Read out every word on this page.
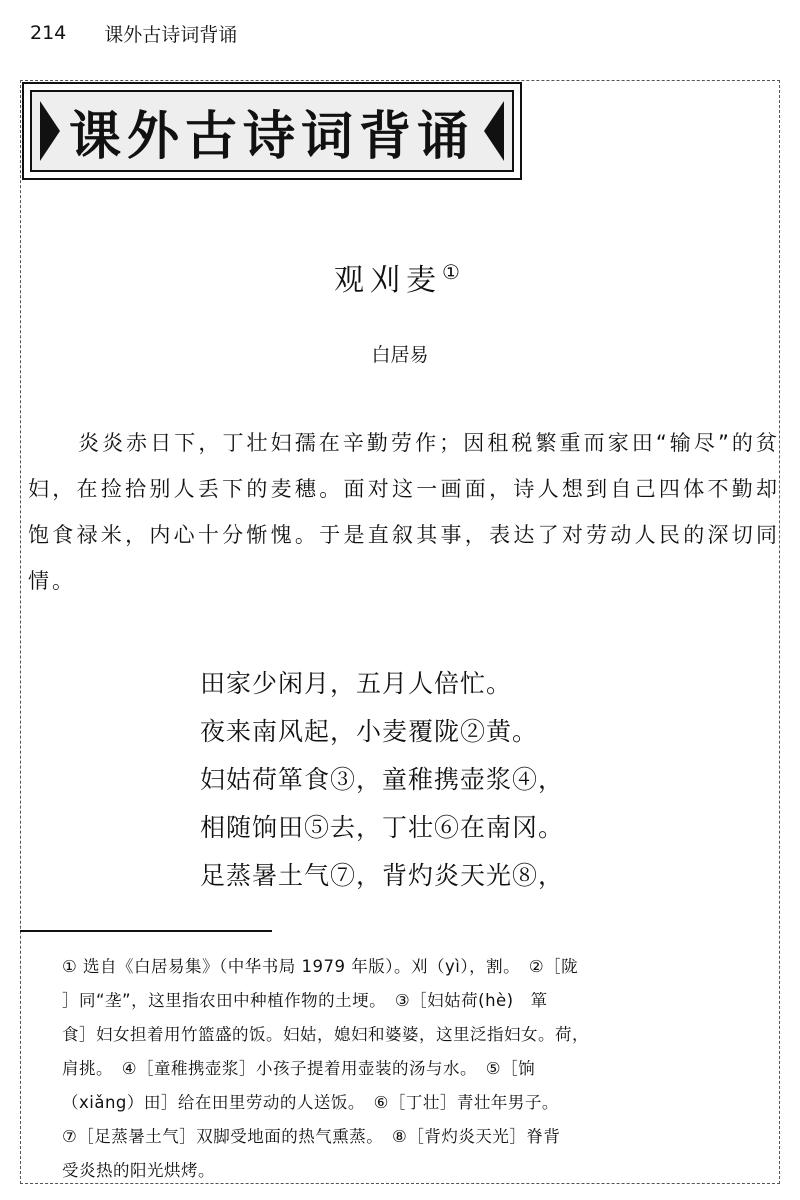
214 课外古诗词背诵
课外古诗词背诵
观刈麦①
白居易

炎炎赤日下，丁壮妇孺在辛勤劳作；因租税繁重而家田“输尽”的贫妇，在捡拾别人丢下的麦穗。面对这一画面，诗人想到自己四体不勤却饱食禄米，内心十分惭愧。于是直叙其事，表达了对劳动人民的深切同情。

田家少闲月，五月人倍忙。
夜来南风起，小麦覆陇②黄。
妇姑荷箪食③，童稚携壶浆④，
相随饷田⑤去，丁壮⑥在南冈。
足蒸暑土气⑦，背灼炎天光⑧，
① 选自《白居易集》（中华书局 1979 年版）。刈（yì），割。　②［陇
］同“垄”，这里指农田中种植作物的土埂。　③［妇姑荷(hè)　箪
食］妇女担着用竹篮盛的饭。妇姑，媳妇和婆婆，这里泛指妇女。荷，
肩挑。　④［童稚携壶浆］小孩子提着用壶装的汤与水。　⑤［饷
（xiǎng）田］给在田里劳动的人送饭。　⑥［丁壮］青壮年男子。
⑦［足蒸暑土气］双脚受地面的热气熏蒸。　⑧［背灼炎天光］脊背
受炎热的阳光烘烤。
